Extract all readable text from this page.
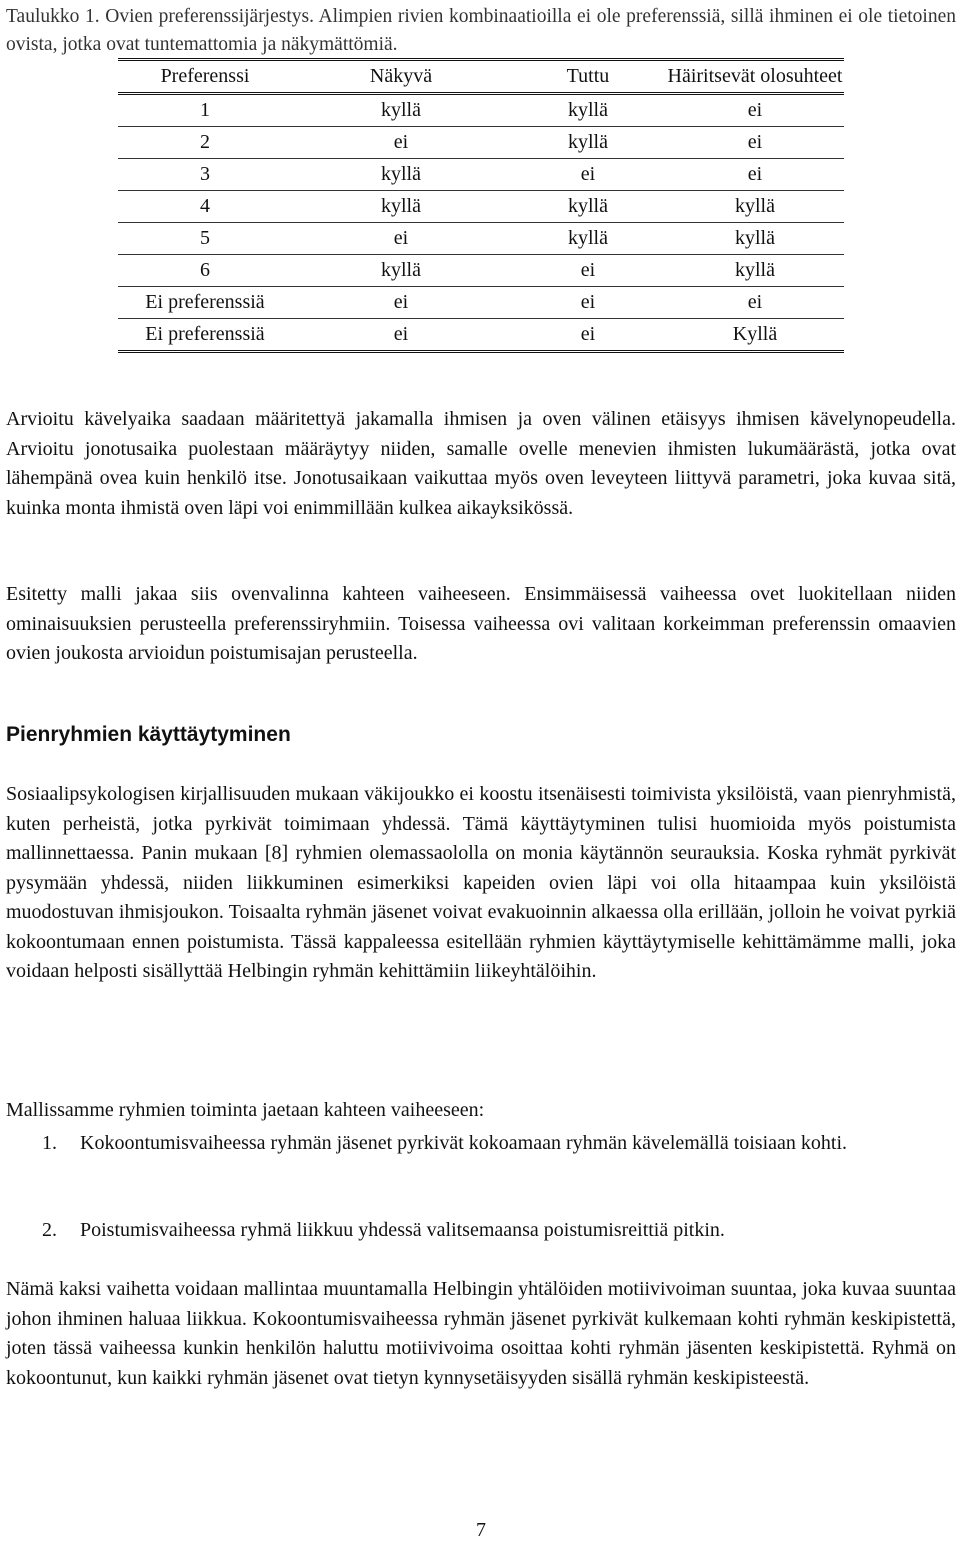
Taulukko 1. Ovien preferenssijärjestys. Alimpien rivien kombinaatioilla ei ole preferenssiä, sillä ihminen ei ole tietoinen ovista, jotka ovat tuntemattomia ja näkymättömiä.
Preferenssi	Näkyvä	Tuttu	Häiritsevät olosuhteet
1	kyllä	kyllä	ei
2	ei	kyllä	ei
3	kyllä	ei	ei
4	kyllä	kyllä	kyllä
5	ei	kyllä	kyllä
6	kyllä	ei	kyllä
Ei preferenssiä	ei	ei	ei
Ei preferenssiä	ei	ei	Kyllä
Arvioitu kävelyaika saadaan määritettyä jakamalla ihmisen ja oven välinen etäisyys ihmisen kävelynopeudella. Arvioitu jonotusaika puolestaan määräytyy niiden, samalle ovelle menevien ihmisten lukumäärästä, jotka ovat lähempänä ovea kuin henkilö itse. Jonotusaikaan vaikuttaa myös oven leveyteen liittyvä parametri, joka kuvaa sitä, kuinka monta ihmistä oven läpi voi enimmillään kulkea aikayksikössä.
Esitetty malli jakaa siis ovenvalinna kahteen vaiheeseen. Ensimmäisessä vaiheessa ovet luokitellaan niiden ominaisuuksien perusteella preferenssiryhmiin. Toisessa vaiheessa ovi valitaan korkeimman preferenssin omaavien ovien joukosta arvioidun poistumisajan perusteella.
Pienryhmien käyttäytyminen
Sosiaalipsykologisen kirjallisuuden mukaan väkijoukko ei koostu itsenäisesti toimivista yksilöistä, vaan pienryhmistä, kuten perheistä, jotka pyrkivät toimimaan yhdessä. Tämä käyttäytyminen tulisi huomioida myös poistumista mallinnettaessa. Panin mukaan [8] ryhmien olemassaololla on monia käytännön seurauksia. Koska ryhmät pyrkivät pysymään yhdessä, niiden liikkuminen esimerkiksi kapeiden ovien läpi voi olla hitaampaa kuin yksilöistä muodostuvan ihmisjoukon. Toisaalta ryhmän jäsenet voivat evakuoinnin alkaessa olla erillään, jolloin he voivat pyrkiä kokoontumaan ennen poistumista. Tässä kappaleessa esitellään ryhmien käyttäytymiselle kehittämämme malli, joka voidaan helposti sisällyttää Helbingin ryhmän kehittämiin liikeyhtälöihin.
Mallissamme ryhmien toiminta jaetaan kahteen vaiheeseen:
1. Kokoontumisvaiheessa ryhmän jäsenet pyrkivät kokoamaan ryhmän kävelemällä toisiaan kohti.
2. Poistumisvaiheessa ryhmä liikkuu yhdessä valitsemaansa poistumisreittiä pitkin.
Nämä kaksi vaihetta voidaan mallintaa muuntamalla Helbingin yhtälöiden motiivivoiman suuntaa, joka kuvaa suuntaa johon ihminen haluaa liikkua. Kokoontumisvaiheessa ryhmän jäsenet pyrkivät kulkemaan kohti ryhmän keskipistettä, joten tässä vaiheessa kunkin henkilön haluttu motiivivoima osoittaa kohti ryhmän jäsenten keskipistettä. Ryhmä on kokoontunut, kun kaikki ryhmän jäsenet ovat tietyn kynnysetäisyyden sisällä ryhmän keskipisteestä.
7
